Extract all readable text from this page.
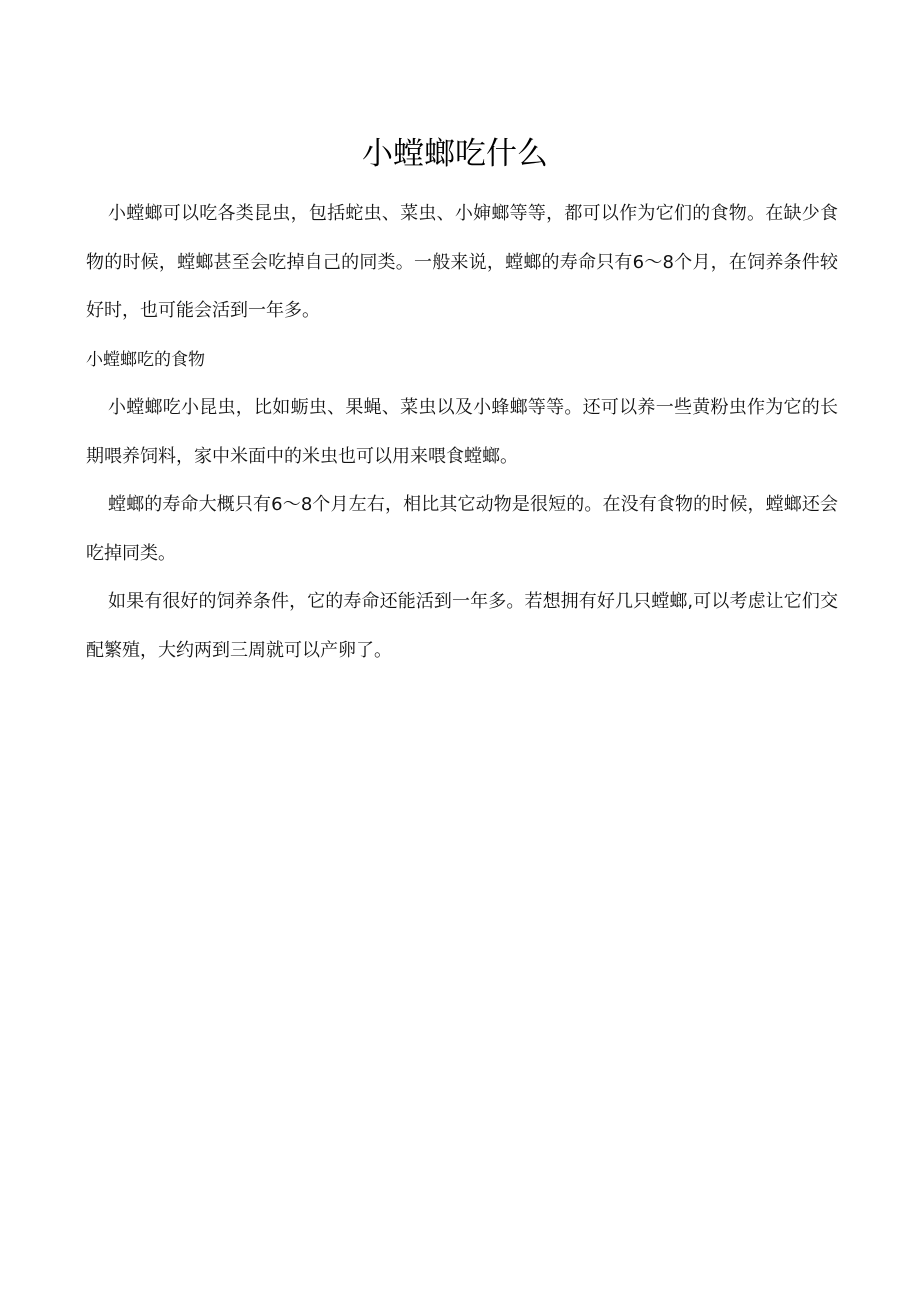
小螳螂吃什么

小螳螂可以吃各类昆虫，包括蛇虫、菜虫、小婶螂等等，都可以作为它们的食物。在缺少食物的时候，螳螂甚至会吃掉自己的同类。一般来说，螳螂的寿命只有6～8个月，在饲养条件较好时，也可能会活到一年多。

小螳螂吃的食物

小螳螂吃小昆虫，比如蛎虫、果蝇、菜虫以及小蜂螂等等。还可以养一些黄粉虫作为它的长期喂养饲料，家中米面中的米虫也可以用来喂食螳螂。

螳螂的寿命大概只有6～8个月左右，相比其它动物是很短的。在没有食物的时候，螳螂还会吃掉同类。

如果有很好的饲养条件，它的寿命还能活到一年多。若想拥有好几只螳螂,可以考虑让它们交配繁殖，大约两到三周就可以产卵了。
